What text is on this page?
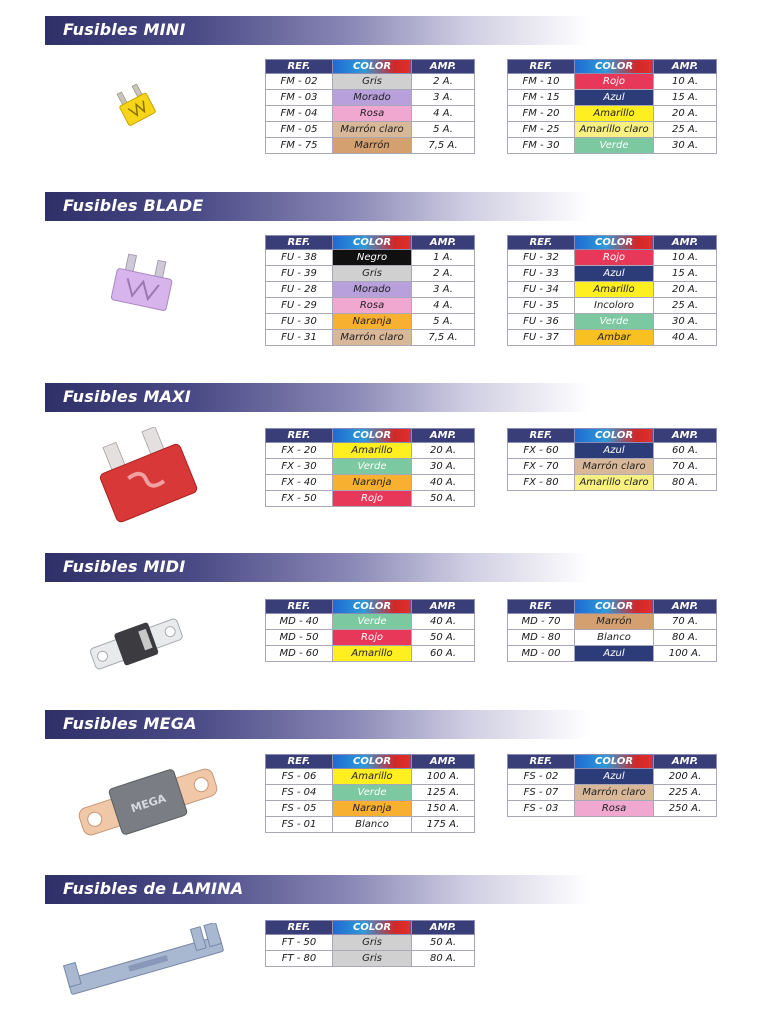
Fusibles MINI
REF.	COLOR	AMP.
FM - 02	Gris	2 A.
FM - 03	Morado	3 A.
FM - 04	Rosa	4 A.
FM - 05	Marrón claro	5 A.
FM - 75	Marrón	7,5 A.
REF.	COLOR	AMP.
FM - 10	Rojo	10 A.
FM - 15	Azul	15 A.
FM - 20	Amarillo	20 A.
FM - 25	Amarillo claro	25 A.
FM - 30	Verde	30 A.
Fusibles BLADE
REF.	COLOR	AMP.
FU - 38	Negro	1 A.
FU - 39	Gris	2 A.
FU - 28	Morado	3 A.
FU - 29	Rosa	4 A.
FU - 30	Naranja	5 A.
FU - 31	Marrón claro	7,5 A.
REF.	COLOR	AMP.
FU - 32	Rojo	10 A.
FU - 33	Azul	15 A.
FU - 34	Amarillo	20 A.
FU - 35	Incoloro	25 A.
FU - 36	Verde	30 A.
FU - 37	Ambar	40 A.
Fusibles MAXI
REF.	COLOR	AMP.
FX - 20	Amarillo	20 A.
FX - 30	Verde	30 A.
FX - 40	Naranja	40 A.
FX - 50	Rojo	50 A.
REF.	COLOR	AMP.
FX - 60	Azul	60 A.
FX - 70	Marrón claro	70 A.
FX - 80	Amarillo claro	80 A.
Fusibles MIDI
REF.	COLOR	AMP.
MD - 40	Verde	40 A.
MD - 50	Rojo	50 A.
MD - 60	Amarillo	60 A.
REF.	COLOR	AMP.
MD - 70	Marrón	70 A.
MD - 80	Blanco	80 A.
MD - 00	Azul	100 A.
Fusibles MEGA
MEGA
REF.	COLOR	AMP.
FS - 06	Amarillo	100 A.
FS - 04	Verde	125 A.
FS - 05	Naranja	150 A.
FS - 01	Blanco	175 A.
REF.	COLOR	AMP.
FS - 02	Azul	200 A.
FS - 07	Marrón claro	225 A.
FS - 03	Rosa	250 A.
Fusibles de LAMINA
REF.	COLOR	AMP.
FT - 50	Gris	50 A.
FT - 80	Gris	80 A.
